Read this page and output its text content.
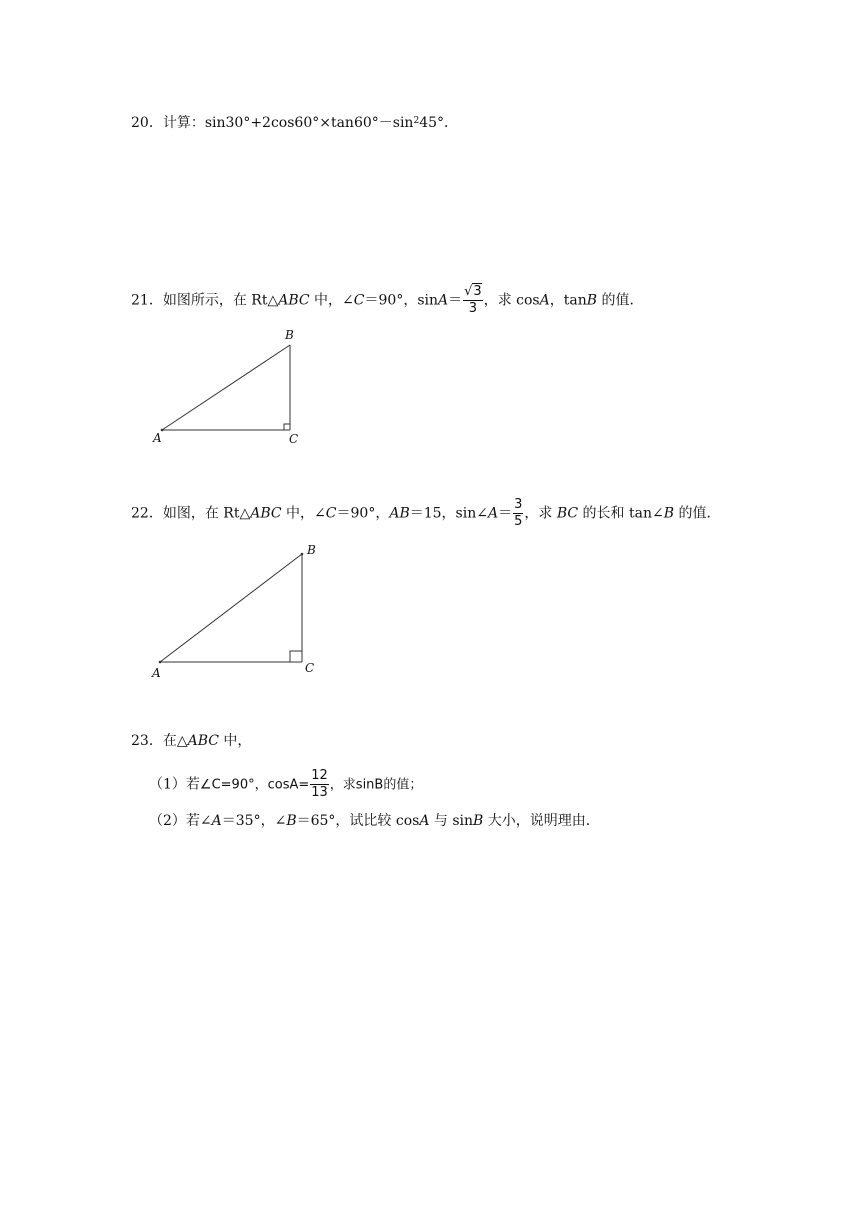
20．计算：$\sin 30^\circ+2\cos 60^\circ\times\tan 60^\circ-\sin^245^\circ$．
21．如图所示，在 Rt△ABC 中，∠C＝90°，$\sin A= \frac{√3}{3}$ ，求 cosA，tanB 的值．
A
B
C
22．如图，在 Rt△ABC 中，∠C＝90°，AB＝15，sin∠A＝ $\frac{3}{5}$ ，求 BC 的长和 tan∠B 的值．
A
B
C
23．在△ABC 中，
（1）若∠C=90°，$\cos A= \frac{12}{13}$ ，求sinB的值；
（2）若∠A＝35°，∠B＝65°，试比较 cosA 与 sinB 大小，说明理由．
